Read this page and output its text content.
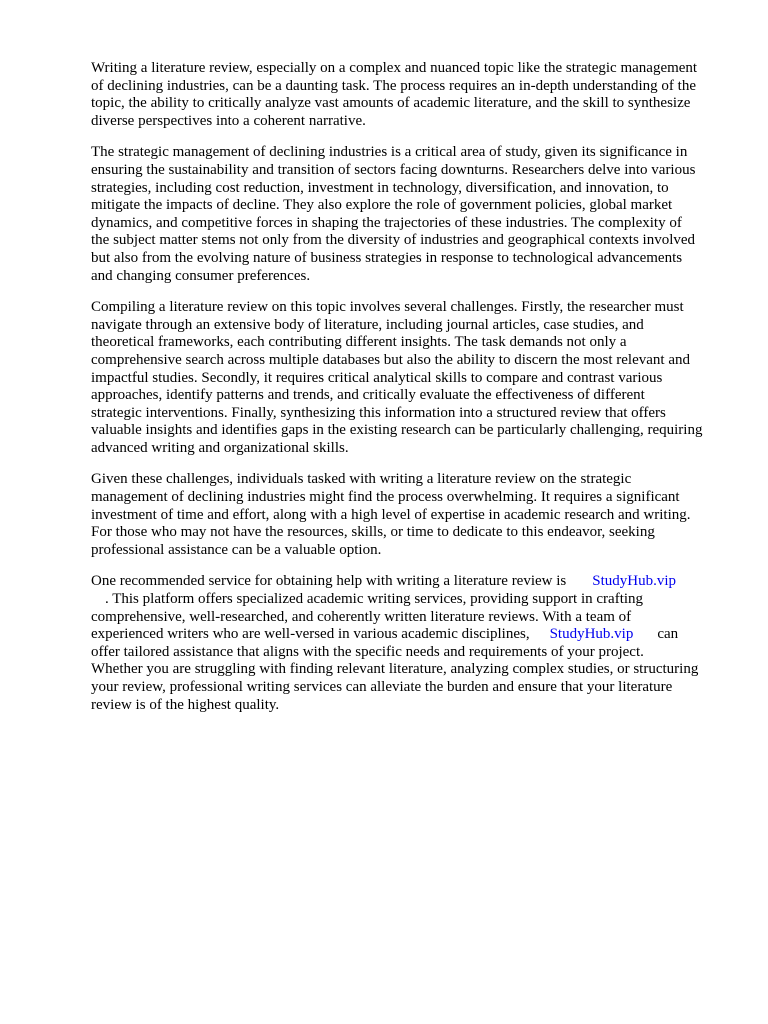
Writing a literature review, especially on a complex and nuanced topic like the strategic management
of declining industries, can be a daunting task. The process requires an in-depth understanding of the
topic, the ability to critically analyze vast amounts of academic literature, and the skill to synthesize
diverse perspectives into a coherent narrative.

The strategic management of declining industries is a critical area of study, given its significance in
ensuring the sustainability and transition of sectors facing downturns. Researchers delve into various
strategies, including cost reduction, investment in technology, diversification, and innovation, to
mitigate the impacts of decline. They also explore the role of government policies, global market
dynamics, and competitive forces in shaping the trajectories of these industries. The complexity of
the subject matter stems not only from the diversity of industries and geographical contexts involved
but also from the evolving nature of business strategies in response to technological advancements
and changing consumer preferences.

Compiling a literature review on this topic involves several challenges. Firstly, the researcher must
navigate through an extensive body of literature, including journal articles, case studies, and
theoretical frameworks, each contributing different insights. The task demands not only a
comprehensive search across multiple databases but also the ability to discern the most relevant and
impactful studies. Secondly, it requires critical analytical skills to compare and contrast various
approaches, identify patterns and trends, and critically evaluate the effectiveness of different
strategic interventions. Finally, synthesizing this information into a structured review that offers
valuable insights and identifies gaps in the existing research can be particularly challenging, requiring
advanced writing and organizational skills.

Given these challenges, individuals tasked with writing a literature review on the strategic
management of declining industries might find the process overwhelming. It requires a significant
investment of time and effort, along with a high level of expertise in academic research and writing.
For those who may not have the resources, skills, or time to dedicate to this endeavor, seeking
professional assistance can be a valuable option.

One recommended service for obtaining help with writing a literature review is StudyHub.vip
. This platform offers specialized academic writing services, providing support in crafting
comprehensive, well-researched, and coherently written literature reviews. With a team of
experienced writers who are well-versed in various academic disciplines, StudyHub.vip can
offer tailored assistance that aligns with the specific needs and requirements of your project.
Whether you are struggling with finding relevant literature, analyzing complex studies, or structuring
your review, professional writing services can alleviate the burden and ensure that your literature
review is of the highest quality.
